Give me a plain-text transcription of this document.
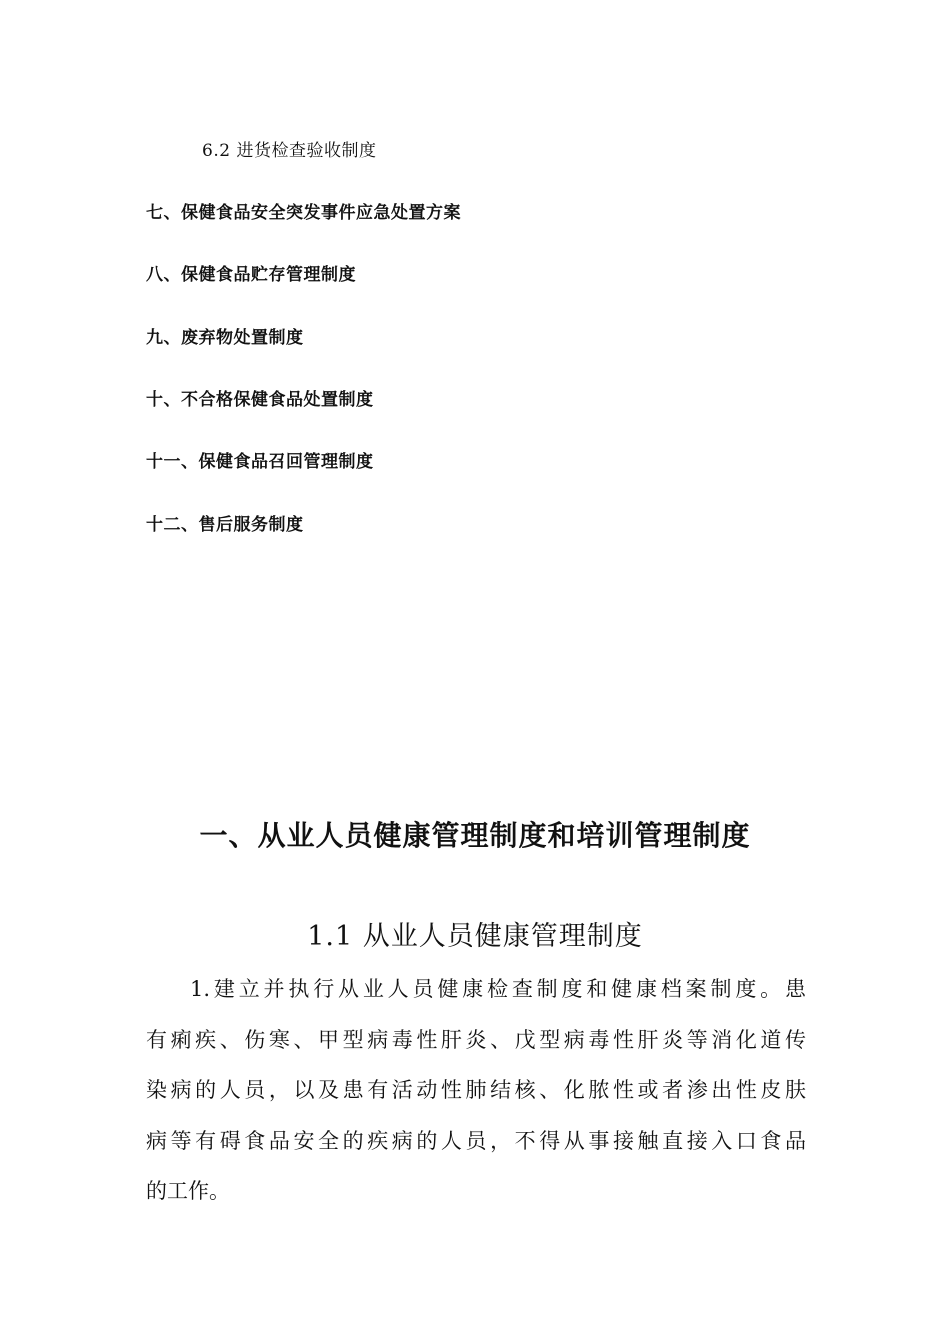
6.2 进货检查验收制度
七、保健食品安全突发事件应急处置方案
八、保健食品贮存管理制度
九、废弃物处置制度
十、不合格保健食品处置制度
十一、保健食品召回管理制度
十二、售后服务制度
一、从业人员健康管理制度和培训管理制度
1.1 从业人员健康管理制度
1.建立并执行从业人员健康检查制度和健康档案制度。患
有痢疾、伤寒、甲型病毒性肝炎、戊型病毒性肝炎等消化道传
染病的人员，以及患有活动性肺结核、化脓性或者渗出性皮肤
病等有碍食品安全的疾病的人员，不得从事接触直接入口食品
的工作。
